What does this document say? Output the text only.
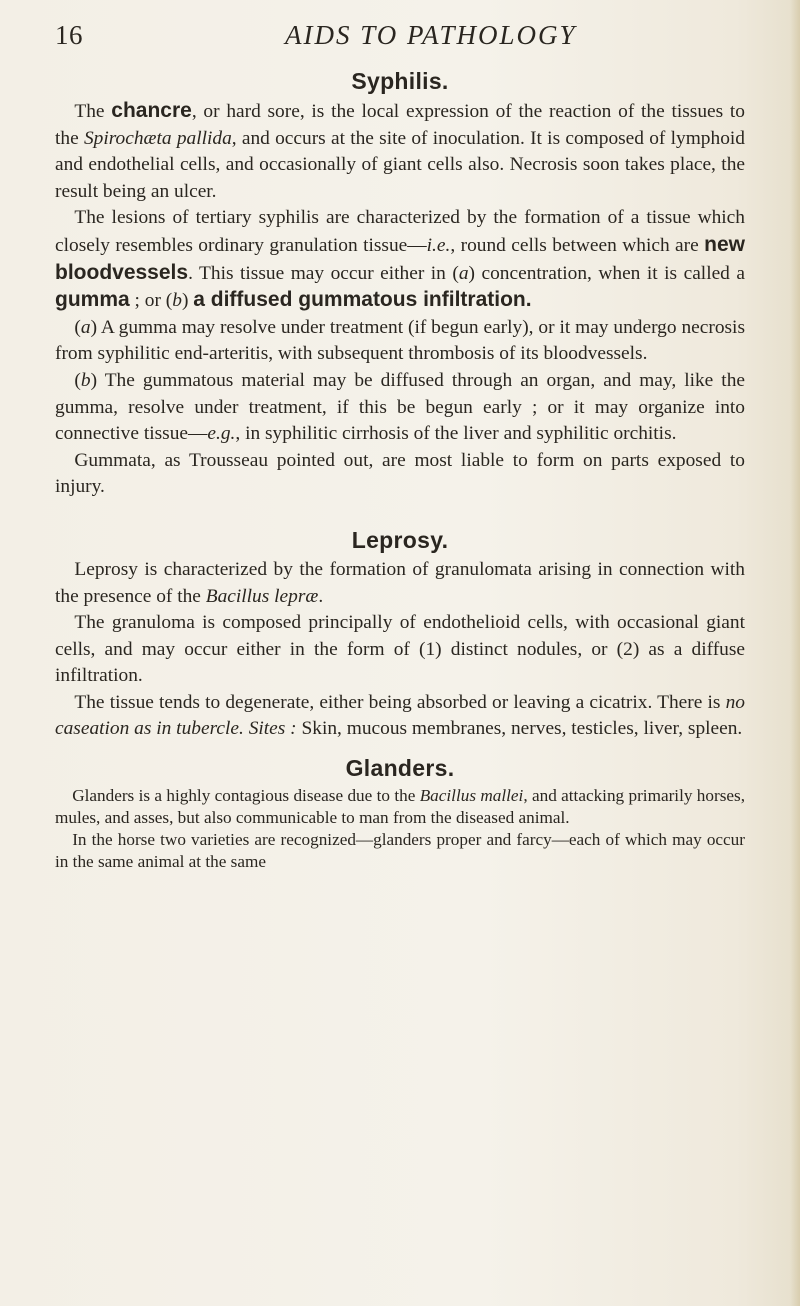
16	AIDS TO PATHOLOGY
Syphilis.

The chancre, or hard sore, is the local expression of the reaction of the tissues to the Spirochæta pallida, and occurs at the site of inoculation. It is composed of lymphoid and endothelial cells, and occasionally of giant cells also. Necrosis soon takes place, the result being an ulcer.

The lesions of tertiary syphilis are characterized by the formation of a tissue which closely resembles ordinary granulation tissue—i.e., round cells between which are new bloodvessels. This tissue may occur either in (a) concentration, when it is called a gumma ; or (b) a diffused gummatous infiltration.

(a) A gumma may resolve under treatment (if begun early), or it may undergo necrosis from syphilitic end-arteritis, with subsequent thrombosis of its bloodvessels.

(b) The gummatous material may be diffused through an organ, and may, like the gumma, resolve under treatment, if this be begun early ; or it may organize into connective tissue—e.g., in syphilitic cirrhosis of the liver and syphilitic orchitis.

Gummata, as Trousseau pointed out, are most liable to form on parts exposed to injury.

Leprosy.

Leprosy is characterized by the formation of granulomata arising in connection with the presence of the Bacillus lepræ.

The granuloma is composed principally of endothelioid cells, with occasional giant cells, and may occur either in the form of (1) distinct nodules, or (2) as a diffuse infiltration.

The tissue tends to degenerate, either being absorbed or leaving a cicatrix. There is no caseation as in tubercle. Sites : Skin, mucous membranes, nerves, testicles, liver, spleen.

Glanders.

Glanders is a highly contagious disease due to the Bacillus mallei, and attacking primarily horses, mules, and asses, but also communicable to man from the diseased animal.

In the horse two varieties are recognized—glanders proper and farcy—each of which may occur in the same animal at the same
